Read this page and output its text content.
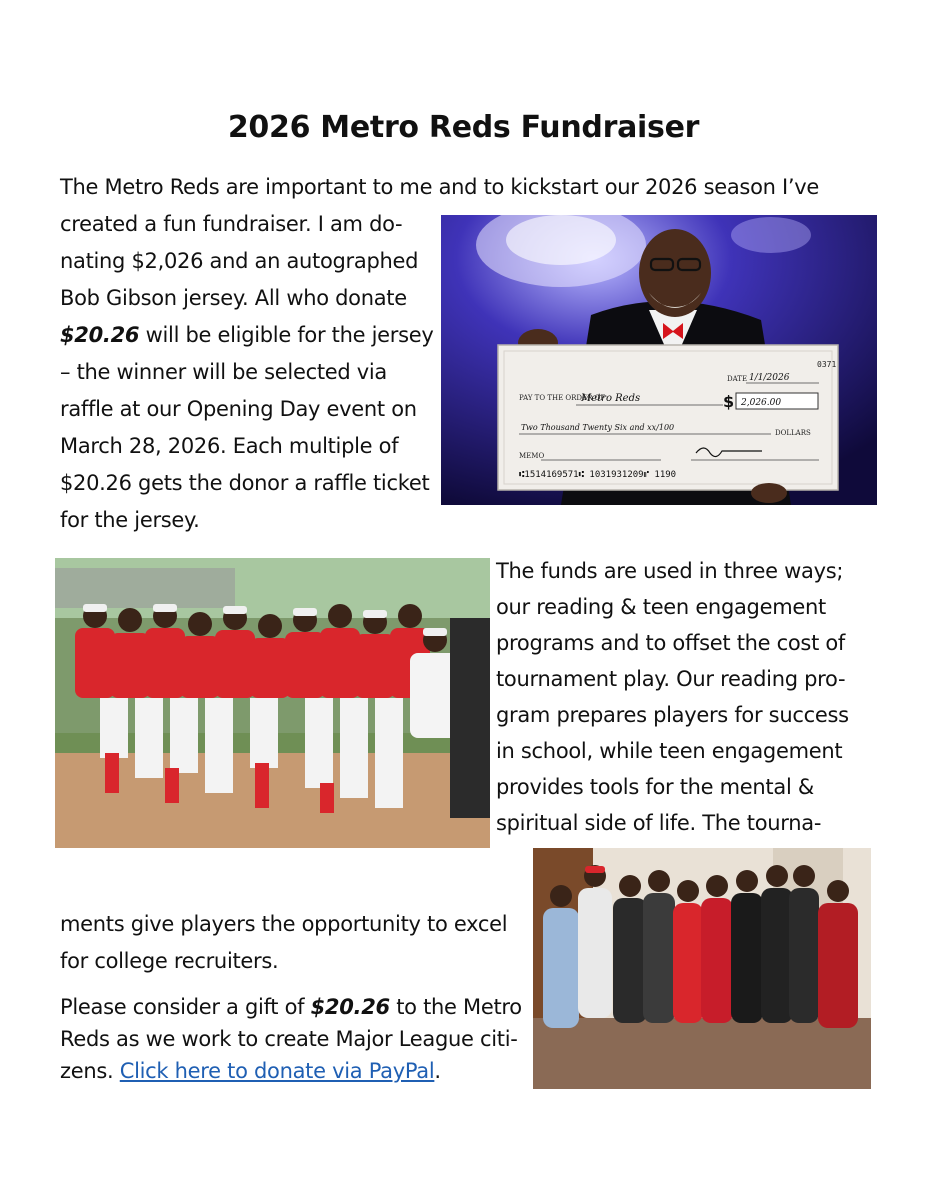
2026 Metro Reds Fundraiser
The Metro Reds are important to me and to kickstart our 2026 season I’ve
created a fun fundraiser. I am do-
nating $2,026 and an autographed
Bob Gibson jersey. All who donate
$20.26 will be eligible for the jersey
– the winner will be selected via
raffle at our Opening Day event on
March 28, 2026. Each multiple of
$20.26 gets the donor a raffle ticket
for the jersey.
0371
DATE 1/1/2026
PAY TO THE ORDER OF
Metro Reds	$ 2,026.00
Two Thousand Twenty Six and xx/100
DOLLARS
MEMO
⑆1514169571⑆ 1031931209⑈ 1190
The funds are used in three ways;
our reading & teen engagement
programs and to offset the cost of
tournament play. Our reading pro-
gram prepares players for success
in school, while teen engagement
provides tools for the mental &
spiritual side of life. The tourna-
ments give players the opportunity to excel
for college recruiters.
Please consider a gift of $20.26 to the Metro
Reds as we work to create Major League citi-
zens. Click here to donate via PayPal.
